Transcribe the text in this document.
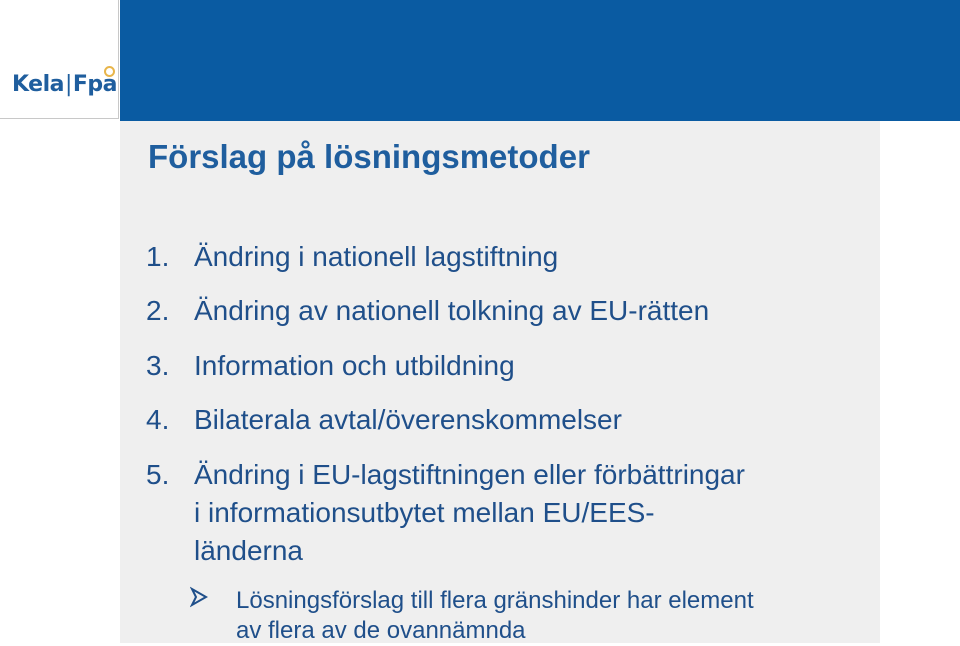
Kela|Fpa
Förslag på lösningsmetoder
1. Ändring i nationell lagstiftning
2. Ändring av nationell tolkning av EU-rätten
3. Information och utbildning
4. Bilaterala avtal/överenskommelser
5. Ändring i EU-lagstiftningen eller förbättringar
i informationsutbytet mellan EU/EES-
länderna
Lösningsförslag till flera gränshinder har element
av flera av de ovannämnda
